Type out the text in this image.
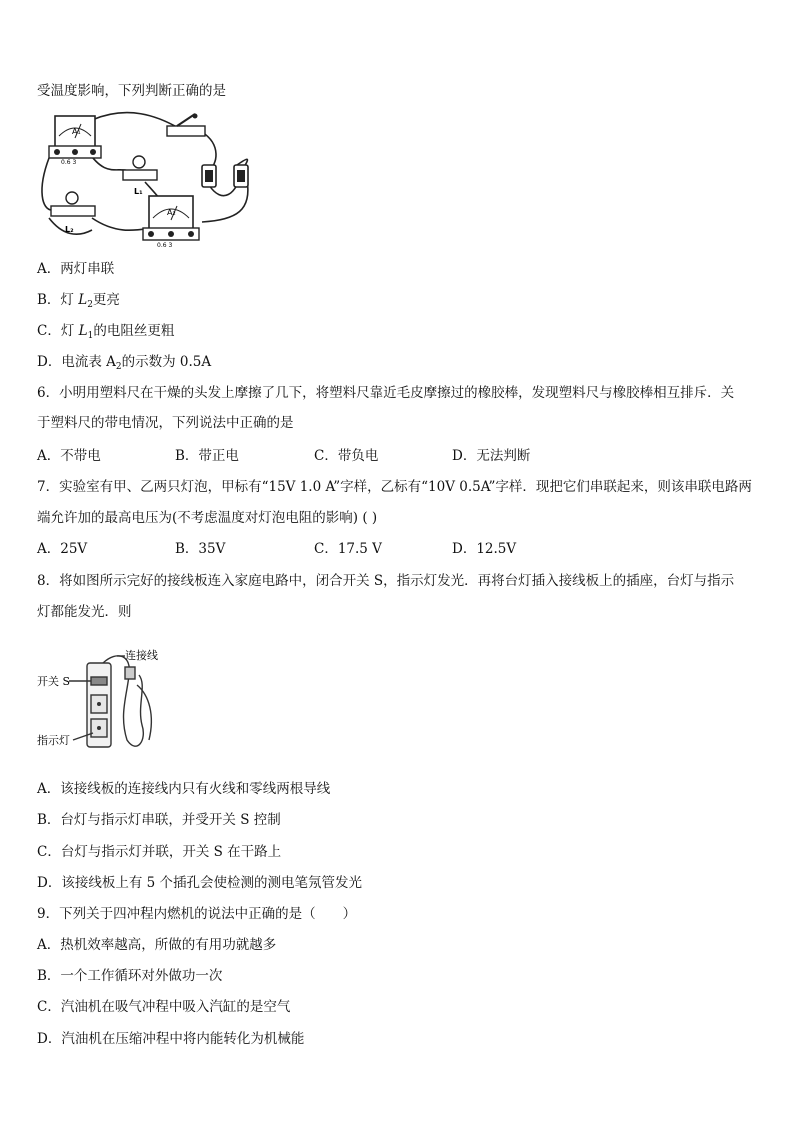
受温度影响，下列判断正确的是
A₁
0.6 3
L₁
L₂
A₂
0.6 3
A．两灯串联
B．灯 $L_2$更亮
C．灯 $L_1$的电阻丝更粗
D．电流表 $A_2$的示数为 0.5A
6．小明用塑料尺在干燥的头发上摩擦了几下，将塑料尺靠近毛皮摩擦过的橡胶棒，发现塑料尺与橡胶棒相互排斥．关
于塑料尺的带电情况，下列说法中正确的是
A．不带电	B．带正电	C．带负电	D．无法判断
7．实验室有甲、乙两只灯泡，甲标有“15V 1.0 A”字样，乙标有“10V 0.5A”字样．现把它们串联起来，则该串联电路两
端允许加的最高电压为(不考虑温度对灯泡电阻的影响) ( )
A．25V	B．35V	C．17.5 V	D．12.5V
8．将如图所示完好的接线板连入家庭电路中，闭合开关 S，指示灯发光．再将台灯插入接线板上的插座，台灯与指示
灯都能发光．则
连接线
开关 S
指示灯
A．该接线板的连接线内只有火线和零线两根导线
B．台灯与指示灯串联，并受开关 S 控制
C．台灯与指示灯并联，开关 S 在干路上
D．该接线板上有 5 个插孔会使检测的测电笔氖管发光
9．下列关于四冲程内燃机的说法中正确的是（　　）
A．热机效率越高，所做的有用功就越多
B．一个工作循环对外做功一次
C．汽油机在吸气冲程中吸入汽缸的是空气
D．汽油机在压缩冲程中将内能转化为机械能
